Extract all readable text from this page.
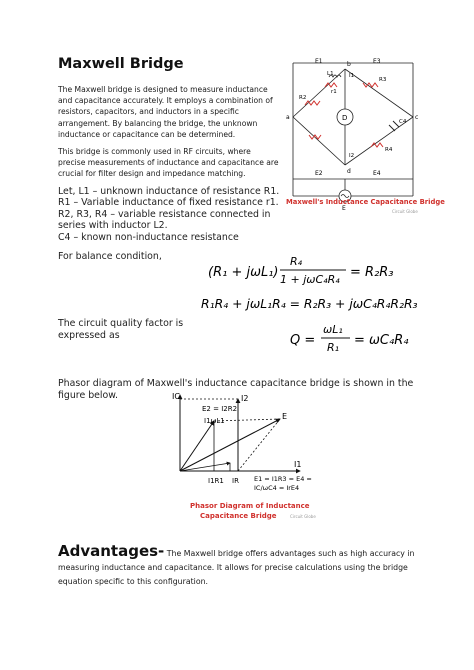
Maxwell Bridge
The Maxwell bridge is designed to measure inductance and capacitance accurately. It employs a combination of resistors, capacitors, and inductors in a specific arrangement. By balancing the bridge, the unknown inductance or capacitance can be determined.
This bridge is commonly used in RF circuits, where precise measurements of inductance and capacitance are crucial for filter design and impedance matching.
Let, L1 – unknown inductance of resistance R1.
R1 – Variable inductance of fixed resistance r1.
R2, R3, R4 – variable resistance connected in series with inductor L2.
C4 – known non-inductance resistance
For balance condition,
(R₁ + jωL₁)
R₄
1 + jωC₄R₄ = R₂R₃
R₁R₄ + jωL₁R₄ = R₂R₃ + jωC₄R₄R₂R₃
The circuit quality factor is expressed as	Q =
ωL₁
R₁ = ωC₄R₄
Phasor diagram of Maxwell's inductance capacitance bridge is shown in the figure below.
D
E1	E3
b
a	c
d
L1
r1
R2
R3
R4
C4
I1
I2
E2	E4
E
Maxwell's Inductance Capacitance Bridge
Circuit Globe
IC	I2
E2 = I2R2
I1ωL1	E
I1
I1R1 IR E1 = I1R3 = E4 =
IC/ωC4 = IrE4
Phasor Diagram of Inductance
Capacitance Bridge	Circuit Globe
Advantages- The Maxwell bridge offers advantages such as high accuracy in measuring inductance and capacitance. It allows for precise calculations using the bridge equation specific to this configuration.
